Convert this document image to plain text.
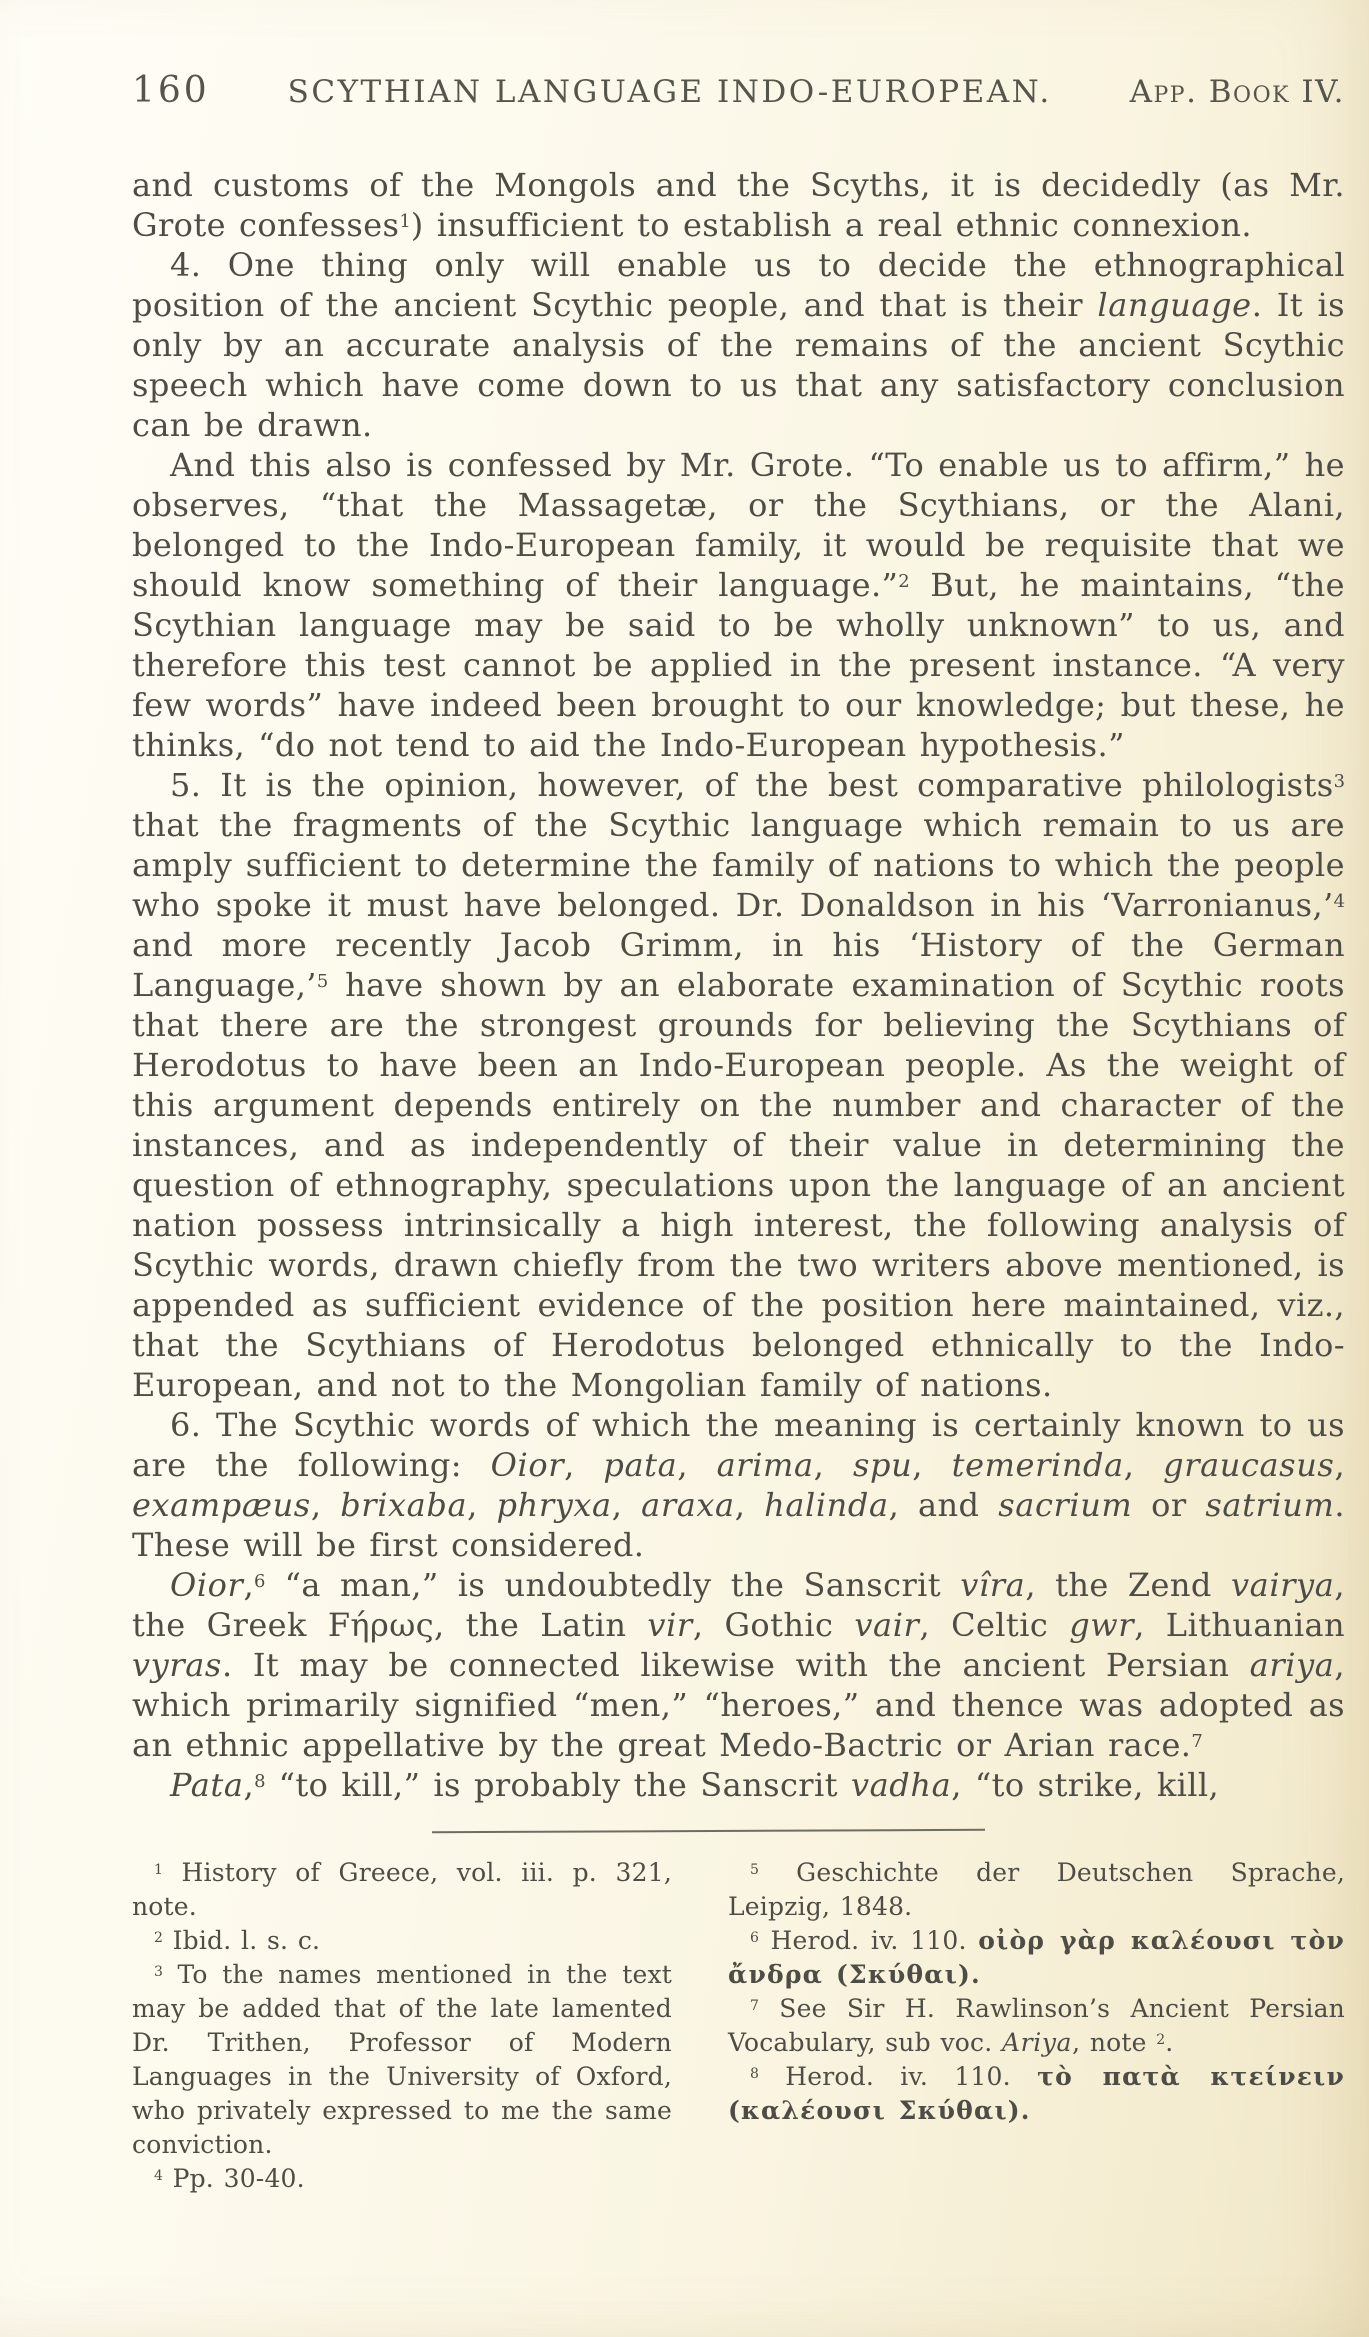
160	SCYTHIAN LANGUAGE INDO-EUROPEAN.	App. Book IV.

and customs of the Mongols and the Scyths, it is decidedly (as Mr. Grote confesses$^1$) insufficient to establish a real ethnic connexion.

4. One thing only will enable us to decide the ethnographical position of the ancient Scythic people, and that is their language. It is only by an accurate analysis of the remains of the ancient Scythic speech which have come down to us that any satisfactory conclusion can be drawn.

And this also is confessed by Mr. Grote. “To enable us to affirm,” he observes, “that the Massagetæ, or the Scythians, or the Alani, belonged to the Indo-European family, it would be requisite that we should know something of their language.”$^2$ But, he maintains, “the Scythian language may be said to be wholly unknown” to us, and therefore this test cannot be applied in the present instance. “A very few words” have indeed been brought to our knowledge; but these, he thinks, “do not tend to aid the Indo-European hypothesis.”

5. It is the opinion, however, of the best comparative philologists$^3$ that the fragments of the Scythic language which remain to us are amply sufficient to determine the family of nations to which the people who spoke it must have belonged. Dr. Donaldson in his ‘Varronianus,’$^4$ and more recently Jacob Grimm, in his ‘History of the German Language,’$^5$ have shown by an elaborate examination of Scythic roots that there are the strongest grounds for believing the Scythians of Herodotus to have been an Indo-European people. As the weight of this argument depends entirely on the number and character of the instances, and as independently of their value in determining the question of ethnography, speculations upon the language of an ancient nation possess intrinsically a high interest, the following analysis of Scythic words, drawn chiefly from the two writers above mentioned, is appended as sufficient evidence of the position here maintained, viz., that the Scythians of Herodotus belonged ethnically to the Indo-European, and not to the Mongolian family of nations.

6. The Scythic words of which the meaning is certainly known to us are the following: Oior, pata, arima, spu, temerinda, graucasus, exampæus, brixaba, phryxa, araxa, halinda, and sacrium or satrium. These will be first considered.

Oior,$^6$ “a man,” is undoubtedly the Sanscrit vîra, the Zend vairya, the Greek Fήρως, the Latin vir, Gothic vair, Celtic gwr, Lithuanian vyras. It may be connected likewise with the ancient Persian ariya, which primarily signified “men,” “heroes,” and thence was adopted as an ethnic appellative by the great Medo-Bactric or Arian race.$^7$

Pata,$^8$ “to kill,” is probably the Sanscrit vadha, “to strike, kill,

$^1$ History of Greece, vol. iii. p. 321, note.

$^2$ Ibid. l. s. c.

$^3$ To the names mentioned in the text may be added that of the late lamented Dr. Trithen, Professor of Modern Languages in the University of Oxford, who privately expressed to me the same conviction.

$^4$ Pp. 30-40.

$^5$ Geschichte der Deutschen Sprache, Leipzig, 1848.

$^6$ Herod. iv. 110. οἰὸρ γὰρ καλέουσι τὸν ἄνδρα (Σκύθαι).

$^7$ See Sir H. Rawlinson’s Ancient Persian Vocabulary, sub voc. Ariya, note $^2$.

$^8$ Herod. iv. 110. τὸ πατὰ κτείνειν (καλέουσι Σκύθαι).
